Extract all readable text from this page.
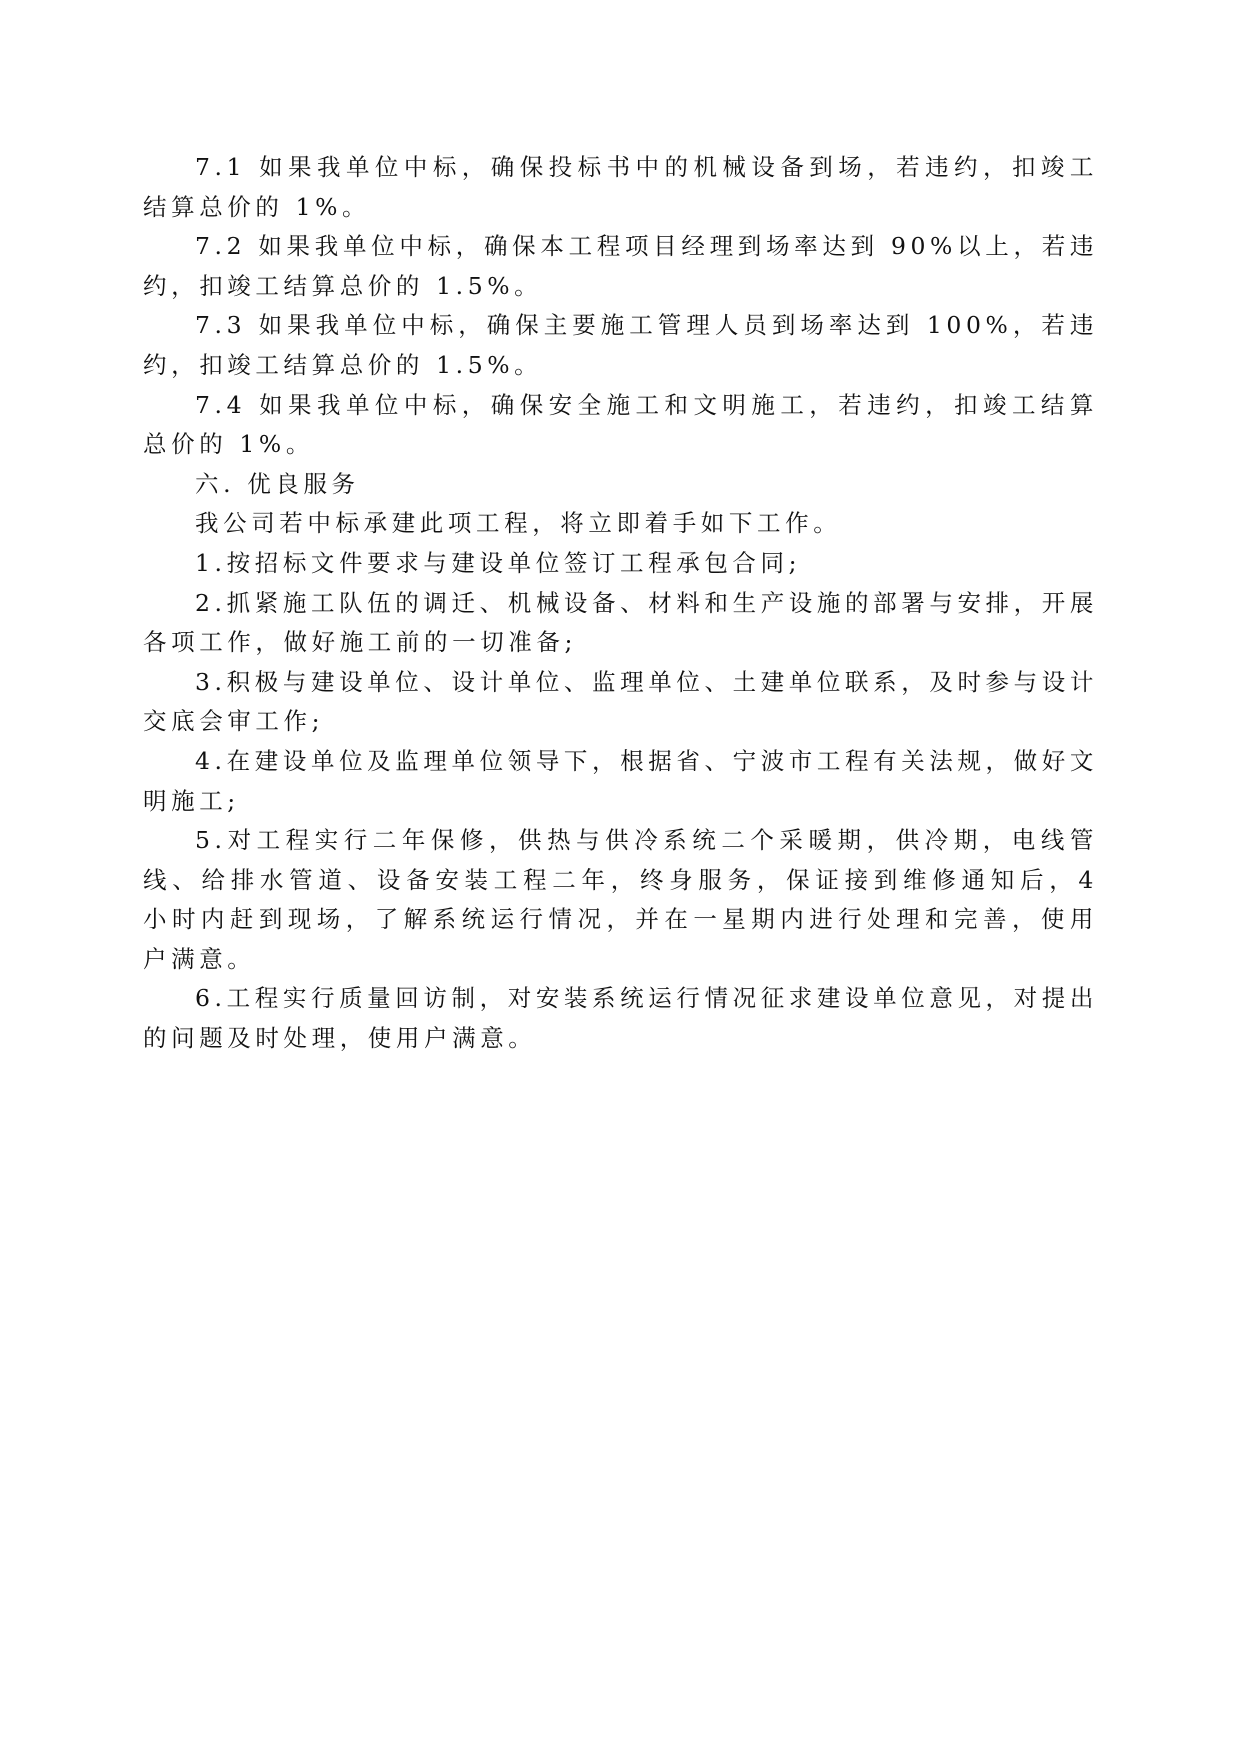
7.1 如果我单位中标，确保投标书中的机械设备到场，若违约，扣竣工结算总价的 1%。

7.2 如果我单位中标，确保本工程项目经理到场率达到 90%以上，若违约，扣竣工结算总价的 1.5%。

7.3 如果我单位中标，确保主要施工管理人员到场率达到 100%，若违约，扣竣工结算总价的 1.5%。

7.4 如果我单位中标，确保安全施工和文明施工，若违约，扣竣工结算总价的 1%。

六. 优良服务

我公司若中标承建此项工程，将立即着手如下工作。

1.按招标文件要求与建设单位签订工程承包合同;

2.抓紧施工队伍的调迁、机械设备、材料和生产设施的部署与安排，开展各项工作，做好施工前的一切准备;

3.积极与建设单位、设计单位、监理单位、土建单位联系，及时参与设计交底会审工作;

4.在建设单位及监理单位领导下，根据省、宁波市工程有关法规，做好文明施工;

5.对工程实行二年保修，供热与供冷系统二个采暖期，供冷期，电线管线、给排水管道、设备安装工程二年，终身服务，保证接到维修通知后，4 小时内赶到现场，了解系统运行情况，并在一星期内进行处理和完善，使用户满意。

6.工程实行质量回访制，对安装系统运行情况征求建设单位意见，对提出的问题及时处理，使用户满意。
